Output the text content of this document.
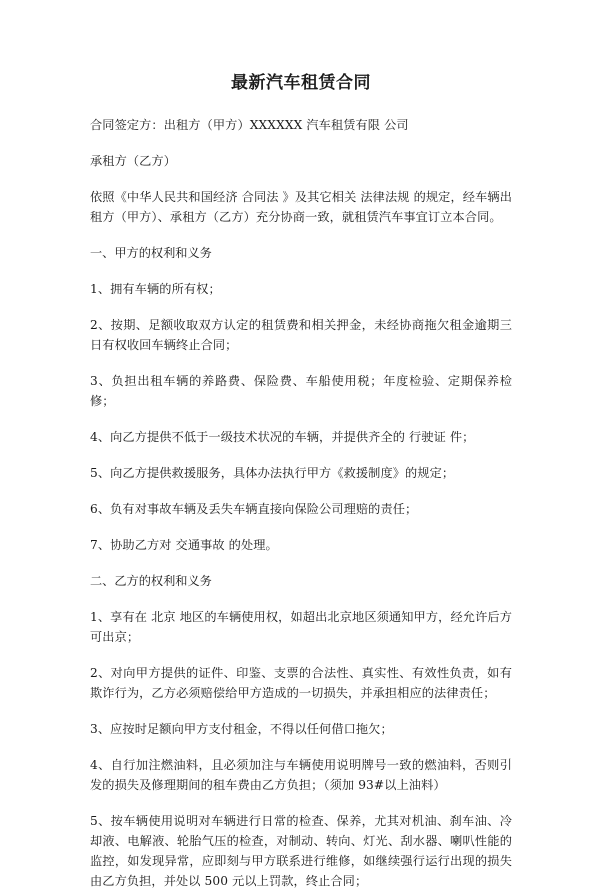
最新汽车租赁合同
合同签定方：出租方（甲方）XXXXXX 汽车租赁有限 公司
承租方（乙方）
依照《中华人民共和国经济 合同法 》及其它相关 法律法规 的规定，经车辆出租方（甲方）、承租方（乙方）充分协商一致，就租赁汽车事宜订立本合同。
一、甲方的权利和义务
1、拥有车辆的所有权；
2、按期、足额收取双方认定的租赁费和相关押金，未经协商拖欠租金逾期三日有权收回车辆终止合同；
3、负担出租车辆的养路费、保险费、车船使用税；年度检验、定期保养检修；
4、向乙方提供不低于一级技术状况的车辆，并提供齐全的 行驶证 件；
5、向乙方提供救援服务，具体办法执行甲方《救援制度》的规定；
6、负有对事故车辆及丢失车辆直接向保险公司理赔的责任；
7、协助乙方对 交通事故 的处理。
二、乙方的权利和义务
1、享有在 北京 地区的车辆使用权，如超出北京地区须通知甲方，经允许后方可出京；
2、对向甲方提供的证件、印鉴、支票的合法性、真实性、有效性负责，如有欺诈行为，乙方必须赔偿给甲方造成的一切损失，并承担相应的法律责任；
3、应按时足额向甲方支付租金，不得以任何借口拖欠；
4、自行加注燃油料，且必须加注与车辆使用说明牌号一致的燃油料，否则引发的损失及修理期间的租车费由乙方负担；（须加 93#以上油料）
5、按车辆使用说明对车辆进行日常的检查、保养，尤其对机油、刹车油、冷却液、电解液、轮胎气压的检查，对制动、转向、灯光、刮水器、喇叭性能的监控，如发现异常，应即刻与甲方联系进行维修，如继续强行运行出现的损失由乙方负担，并处以 500 元以上罚款，终止合同；
